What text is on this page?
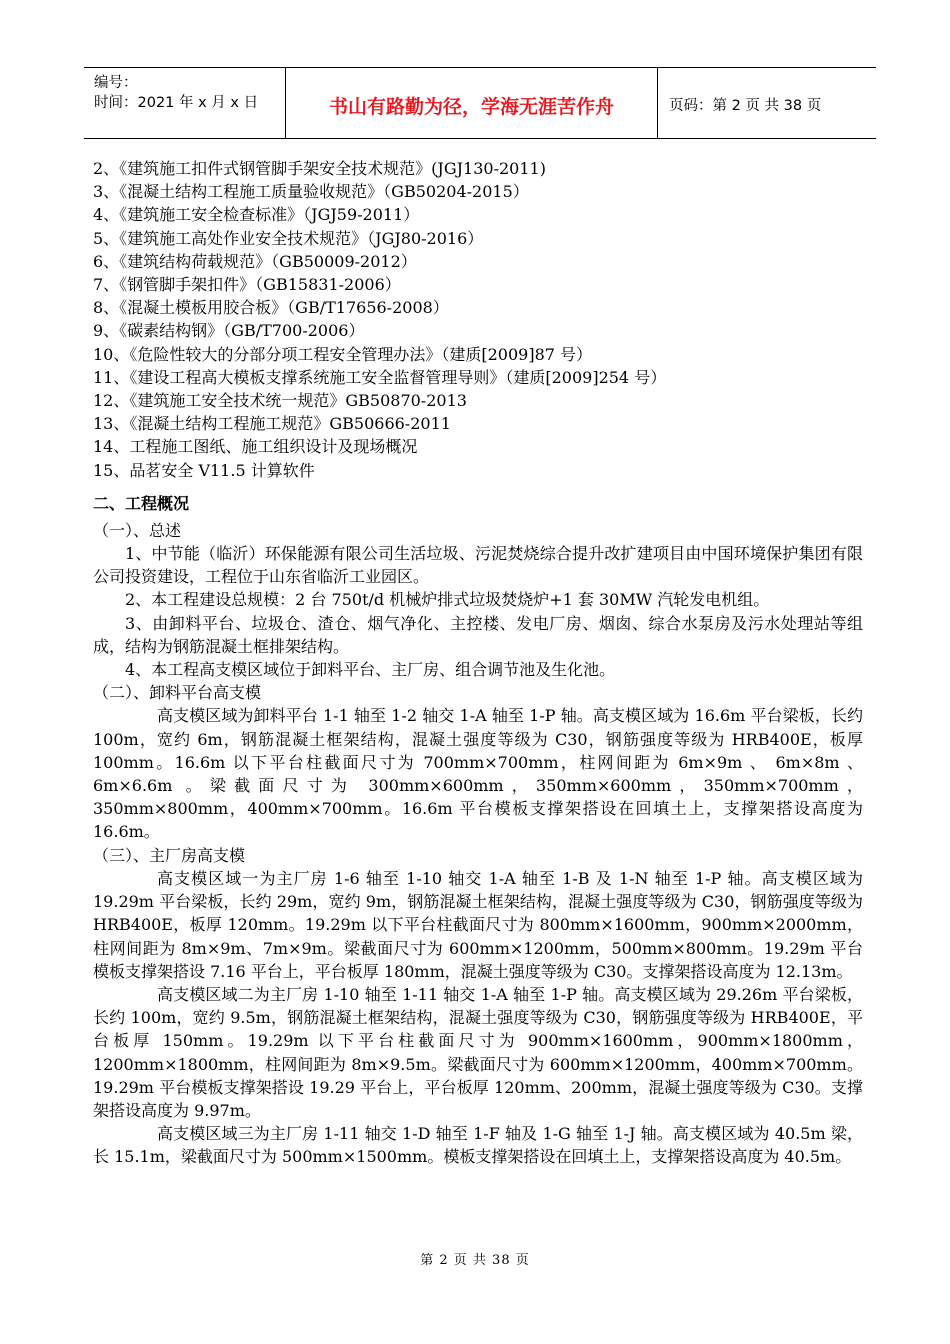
编号：
时间：2021 年 x 月 x 日	书山有路勤为径，学海无涯苦作舟	页码：第 2 页 共 38 页

2、《建筑施工扣件式钢管脚手架安全技术规范》(JGJ130-2011)

3、《混凝土结构工程施工质量验收规范》（GB50204-2015）

4、《建筑施工安全检查标准》（JGJ59-2011）

5、《建筑施工高处作业安全技术规范》（JGJ80-2016）

6、《建筑结构荷载规范》（GB50009-2012）

7、《钢管脚手架扣件》（GB15831-2006）

8、《混凝土模板用胶合板》（GB/T17656-2008）

9、《碳素结构钢》（GB/T700-2006）

10、《危险性较大的分部分项工程安全管理办法》（建质[2009]87 号）

11、《建设工程高大模板支撑系统施工安全监督管理导则》（建质[2009]254 号）

12、《建筑施工安全技术统一规范》GB50870-2013

13、《混凝土结构工程施工规范》GB50666-2011

14、工程施工图纸、施工组织设计及现场概况

15、品茗安全 V11.5 计算软件

二、工程概况

（一）、总述

1、中节能（临沂）环保能源有限公司生活垃圾、污泥焚烧综合提升改扩建项目由中国环境保护集团有限公司投资建设，工程位于山东省临沂工业园区。

2、本工程建设总规模：2 台 750t/d 机械炉排式垃圾焚烧炉+1 套 30MW 汽轮发电机组。

3、由卸料平台、垃圾仓、渣仓、烟气净化、主控楼、发电厂房、烟囱、综合水泵房及污水处理站等组成，结构为钢筋混凝土框排架结构。

4、本工程高支模区域位于卸料平台、主厂房、组合调节池及生化池。

（二）、卸料平台高支模

高支模区域为卸料平台 1-1 轴至 1-2 轴交 1-A 轴至 1-P 轴。高支模区域为 16.6m 平台梁板，长约 100m，宽约 6m，钢筋混凝土框架结构，混凝土强度等级为 C30，钢筋强度等级为 HRB400E，板厚 100mm。16.6m 以下平台柱截面尺寸为 700mm×700mm，柱网间距为 6m×9m 、 6m×8m 、 6m×6.6m 。梁截面尺寸为 300mm×600mm，350mm×600mm，350mm×700mm，350mm×800mm，400mm×700mm。16.6m 平台模板支撑架搭设在回填土上，支撑架搭设高度为 16.6m。

（三）、主厂房高支模

高支模区域一为主厂房 1-6 轴至 1-10 轴交 1-A 轴至 1-B 及 1-N 轴至 1-P 轴。高支模区域为 19.29m 平台梁板，长约 29m，宽约 9m，钢筋混凝土框架结构，混凝土强度等级为 C30，钢筋强度等级为 HRB400E，板厚 120mm。19.29m 以下平台柱截面尺寸为 800mm×1600mm，900mm×2000mm，柱网间距为 8m×9m、7m×9m。梁截面尺寸为 600mm×1200mm，500mm×800mm。19.29m 平台模板支撑架搭设 7.16 平台上，平台板厚 180mm，混凝土强度等级为 C30。支撑架搭设高度为 12.13m。

高支模区域二为主厂房 1-10 轴至 1-11 轴交 1-A 轴至 1-P 轴。高支模区域为 29.26m 平台梁板，长约 100m，宽约 9.5m，钢筋混凝土框架结构，混凝土强度等级为 C30，钢筋强度等级为 HRB400E，平台板厚 150mm。19.29m 以下平台柱截面尺寸为 900mm×1600mm，900mm×1800mm，1200mm×1800mm，柱网间距为 8m×9.5m。梁截面尺寸为 600mm×1200mm，400mm×700mm。19.29m 平台模板支撑架搭设 19.29 平台上，平台板厚 120mm、200mm，混凝土强度等级为 C30。支撑架搭设高度为 9.97m。

高支模区域三为主厂房 1-11 轴交 1-D 轴至 1-F 轴及 1-G 轴至 1-J 轴。高支模区域为 40.5m 梁，长 15.1m，梁截面尺寸为 500mm×1500mm。模板支撑架搭设在回填土上，支撑架搭设高度为 40.5m。

第 2 页 共 38 页
